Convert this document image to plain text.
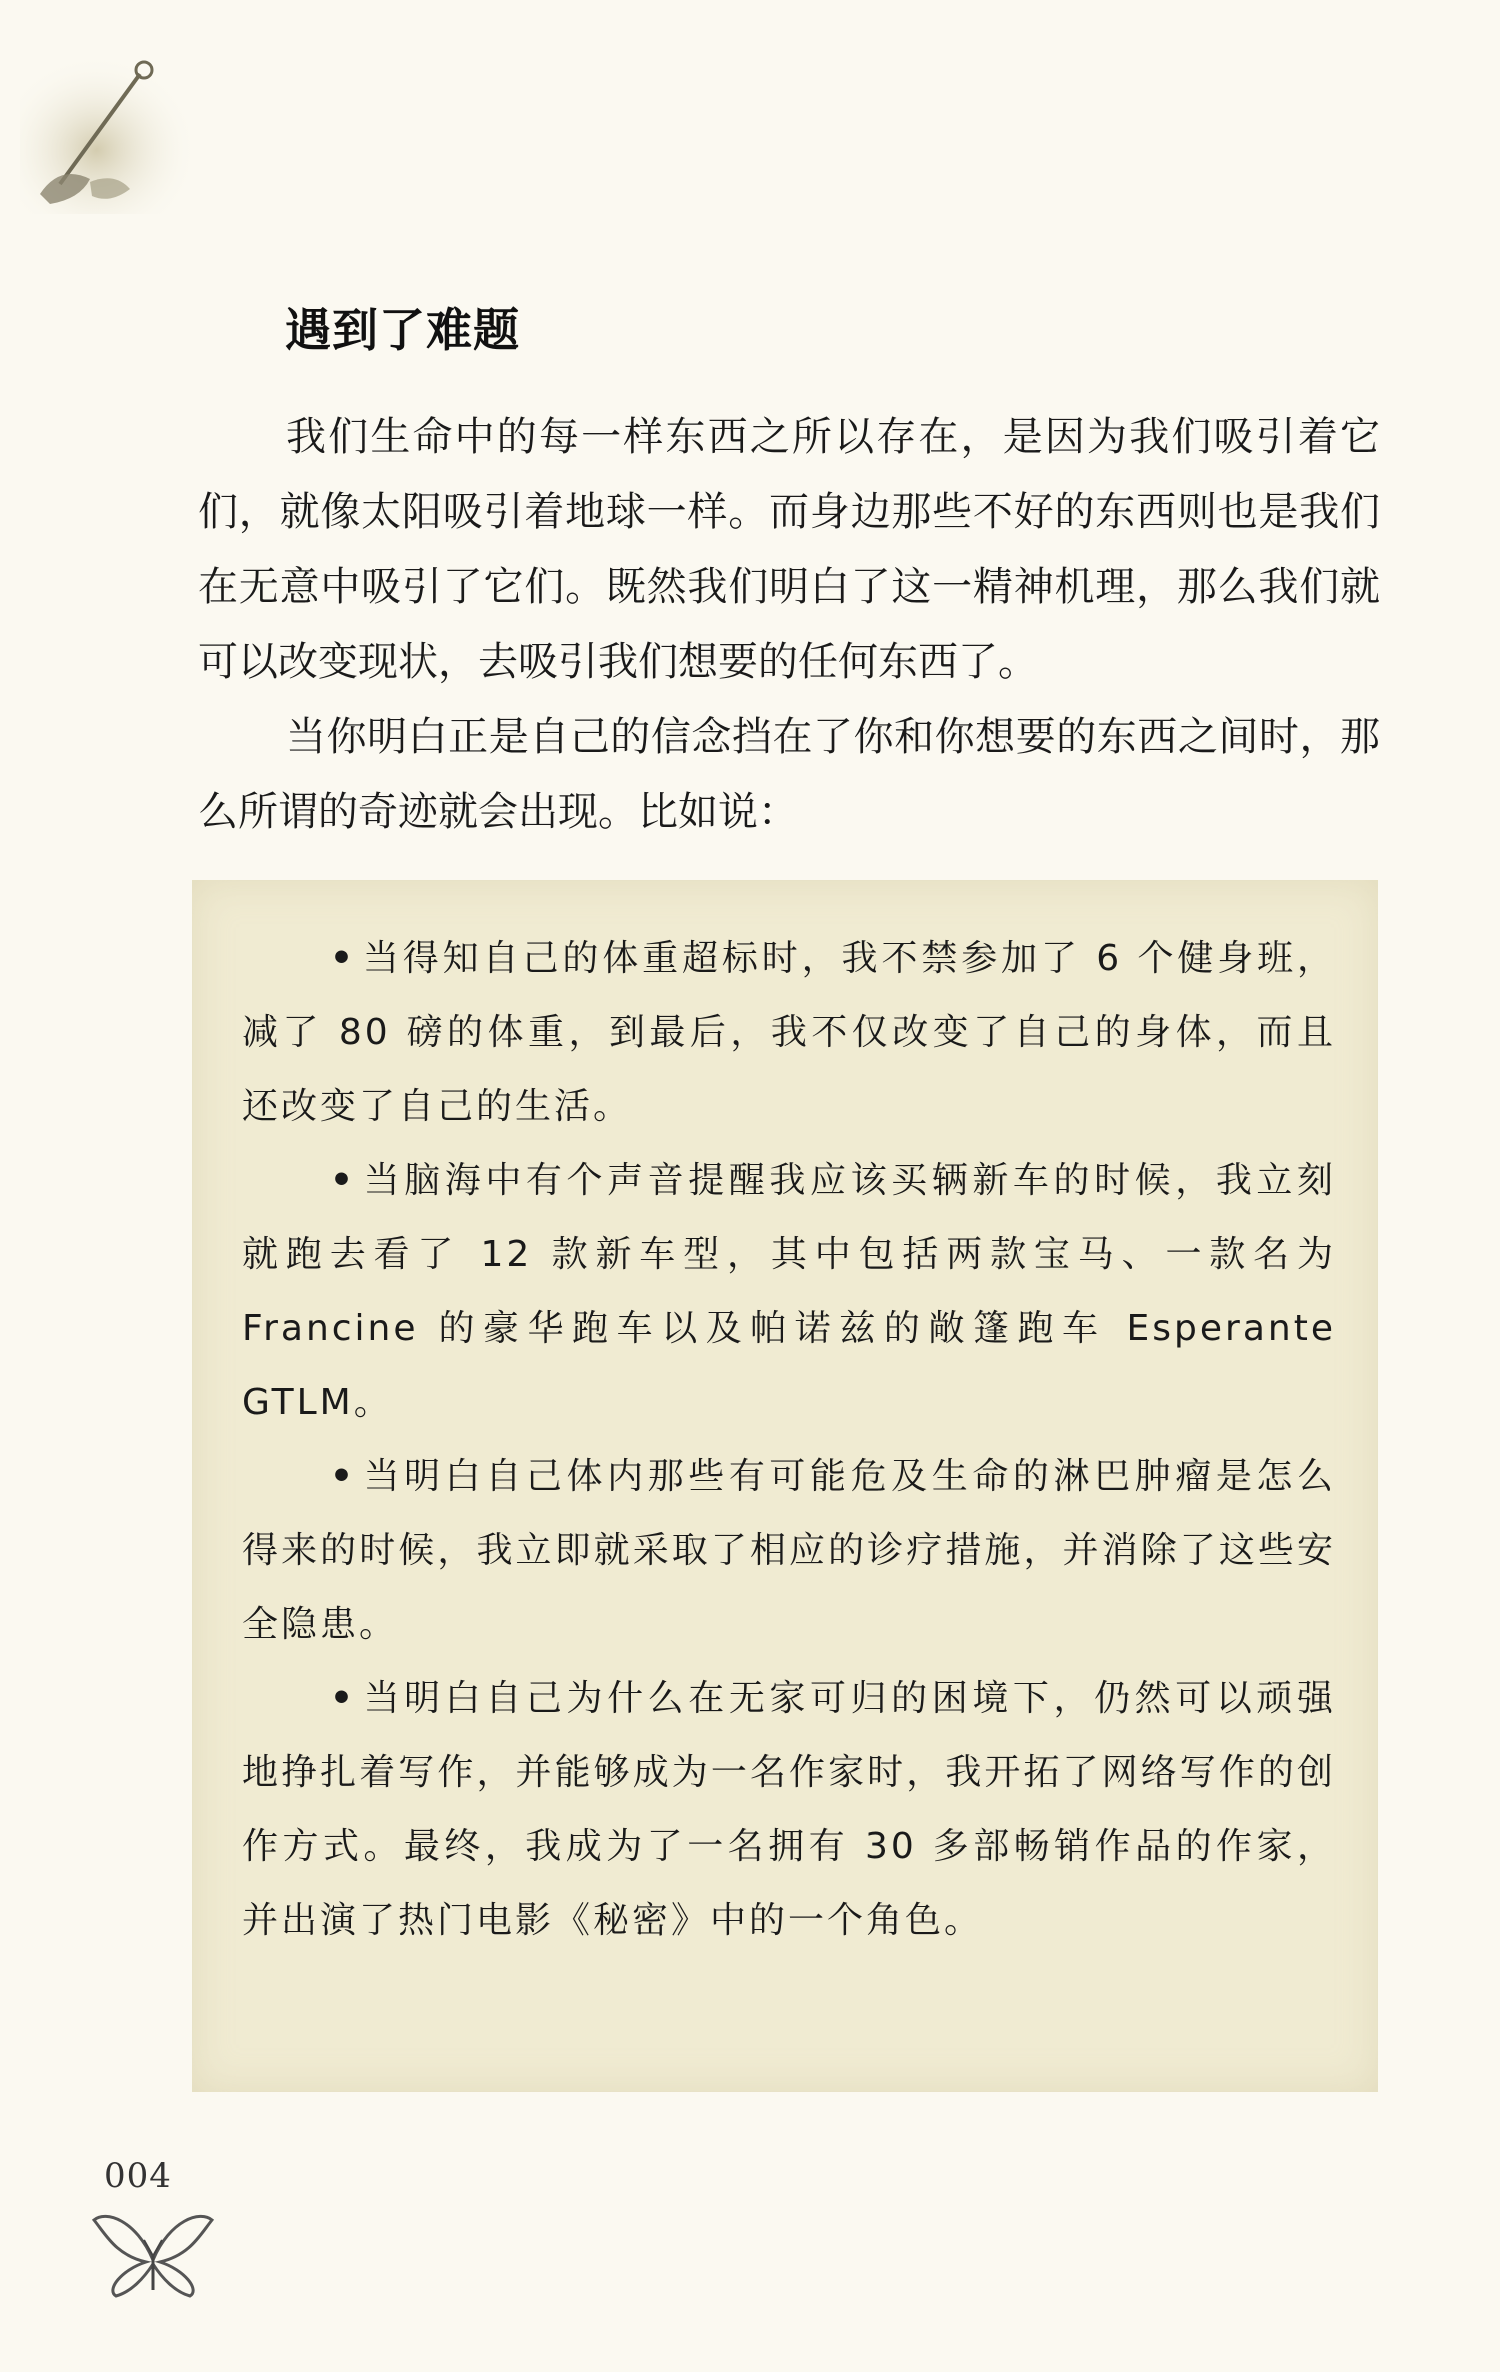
遇到了难题

我们生命中的每一样东西之所以存在，是因为我们吸引着它们，就像太阳吸引着地球一样。而身边那些不好的东西则也是我们在无意中吸引了它们。既然我们明白了这一精神机理，那么我们就可以改变现状，去吸引我们想要的任何东西了。

当你明白正是自己的信念挡在了你和你想要的东西之间时，那么所谓的奇迹就会出现。比如说：

• 当得知自己的体重超标时，我不禁参加了 6 个健身班，减了 80 磅的体重，到最后，我不仅改变了自己的身体，而且还改变了自己的生活。

• 当脑海中有个声音提醒我应该买辆新车的时候，我立刻就跑去看了 12 款新车型，其中包括两款宝马、一款名为 Francine 的豪华跑车以及帕诺兹的敞篷跑车 Esperante GTLM。

• 当明白自己体内那些有可能危及生命的淋巴肿瘤是怎么得来的时候，我立即就采取了相应的诊疗措施，并消除了这些安全隐患。

• 当明白自己为什么在无家可归的困境下，仍然可以顽强地挣扎着写作，并能够成为一名作家时，我开拓了网络写作的创作方式。最终，我成为了一名拥有 30 多部畅销作品的作家，并出演了热门电影《秘密》中的一个角色。

004
